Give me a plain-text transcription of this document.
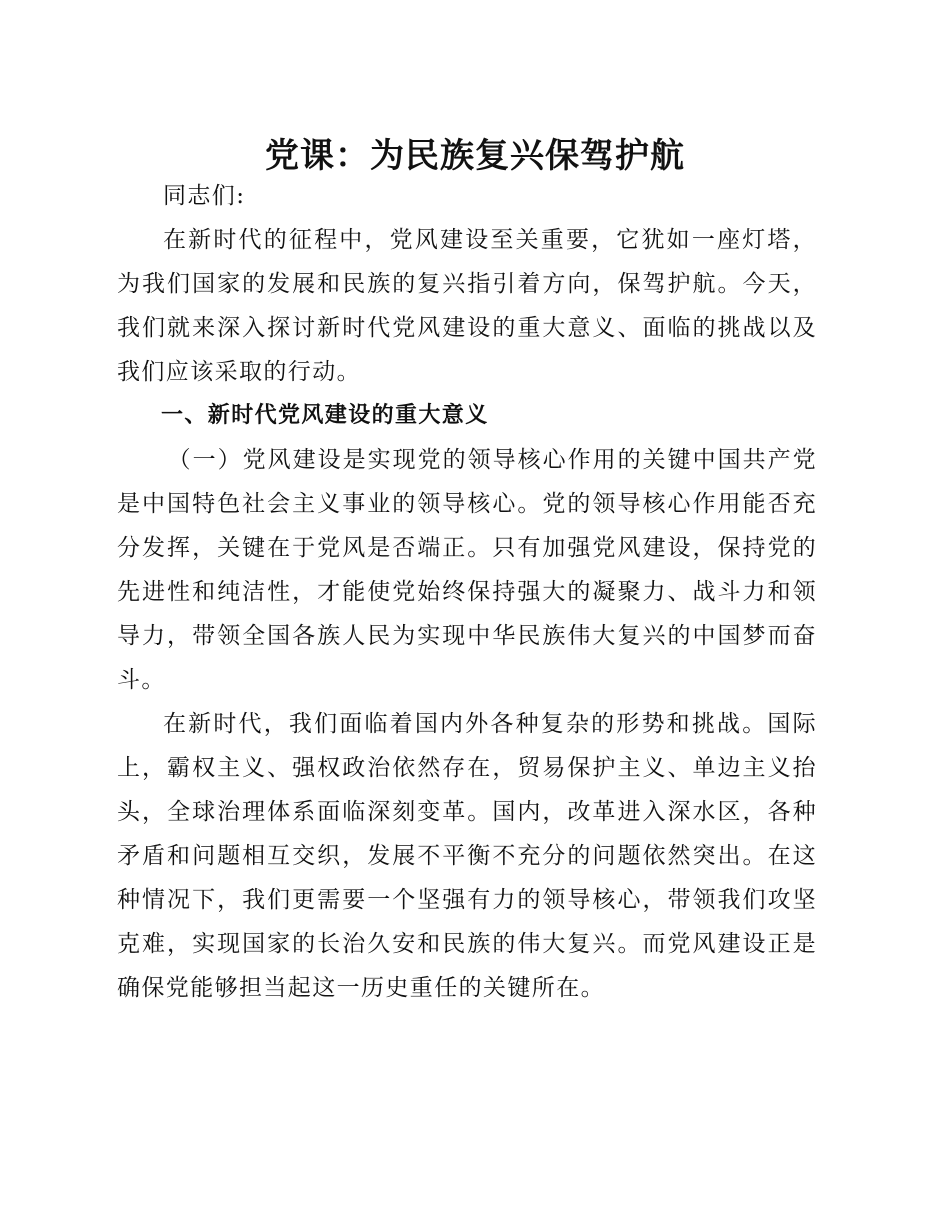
党课：为民族复兴保驾护航

同志们:

在新时代的征程中，党风建设至关重要，它犹如一座灯塔，为我们国家的发展和民族的复兴指引着方向，保驾护航。今天，我们就来深入探讨新时代党风建设的重大意义、面临的挑战以及我们应该采取的行动。

一、新时代党风建设的重大意义

（一）党风建设是实现党的领导核心作用的关键中国共产党是中国特色社会主义事业的领导核心。党的领导核心作用能否充分发挥，关键在于党风是否端正。只有加强党风建设，保持党的先进性和纯洁性，才能使党始终保持强大的凝聚力、战斗力和领导力，带领全国各族人民为实现中华民族伟大复兴的中国梦而奋斗。

在新时代，我们面临着国内外各种复杂的形势和挑战。国际上，霸权主义、强权政治依然存在，贸易保护主义、单边主义抬头，全球治理体系面临深刻变革。国内，改革进入深水区，各种矛盾和问题相互交织，发展不平衡不充分的问题依然突出。在这种情况下，我们更需要一个坚强有力的领导核心，带领我们攻坚克难，实现国家的长治久安和民族的伟大复兴。而党风建设正是确保党能够担当起这一历史重任的关键所在。
